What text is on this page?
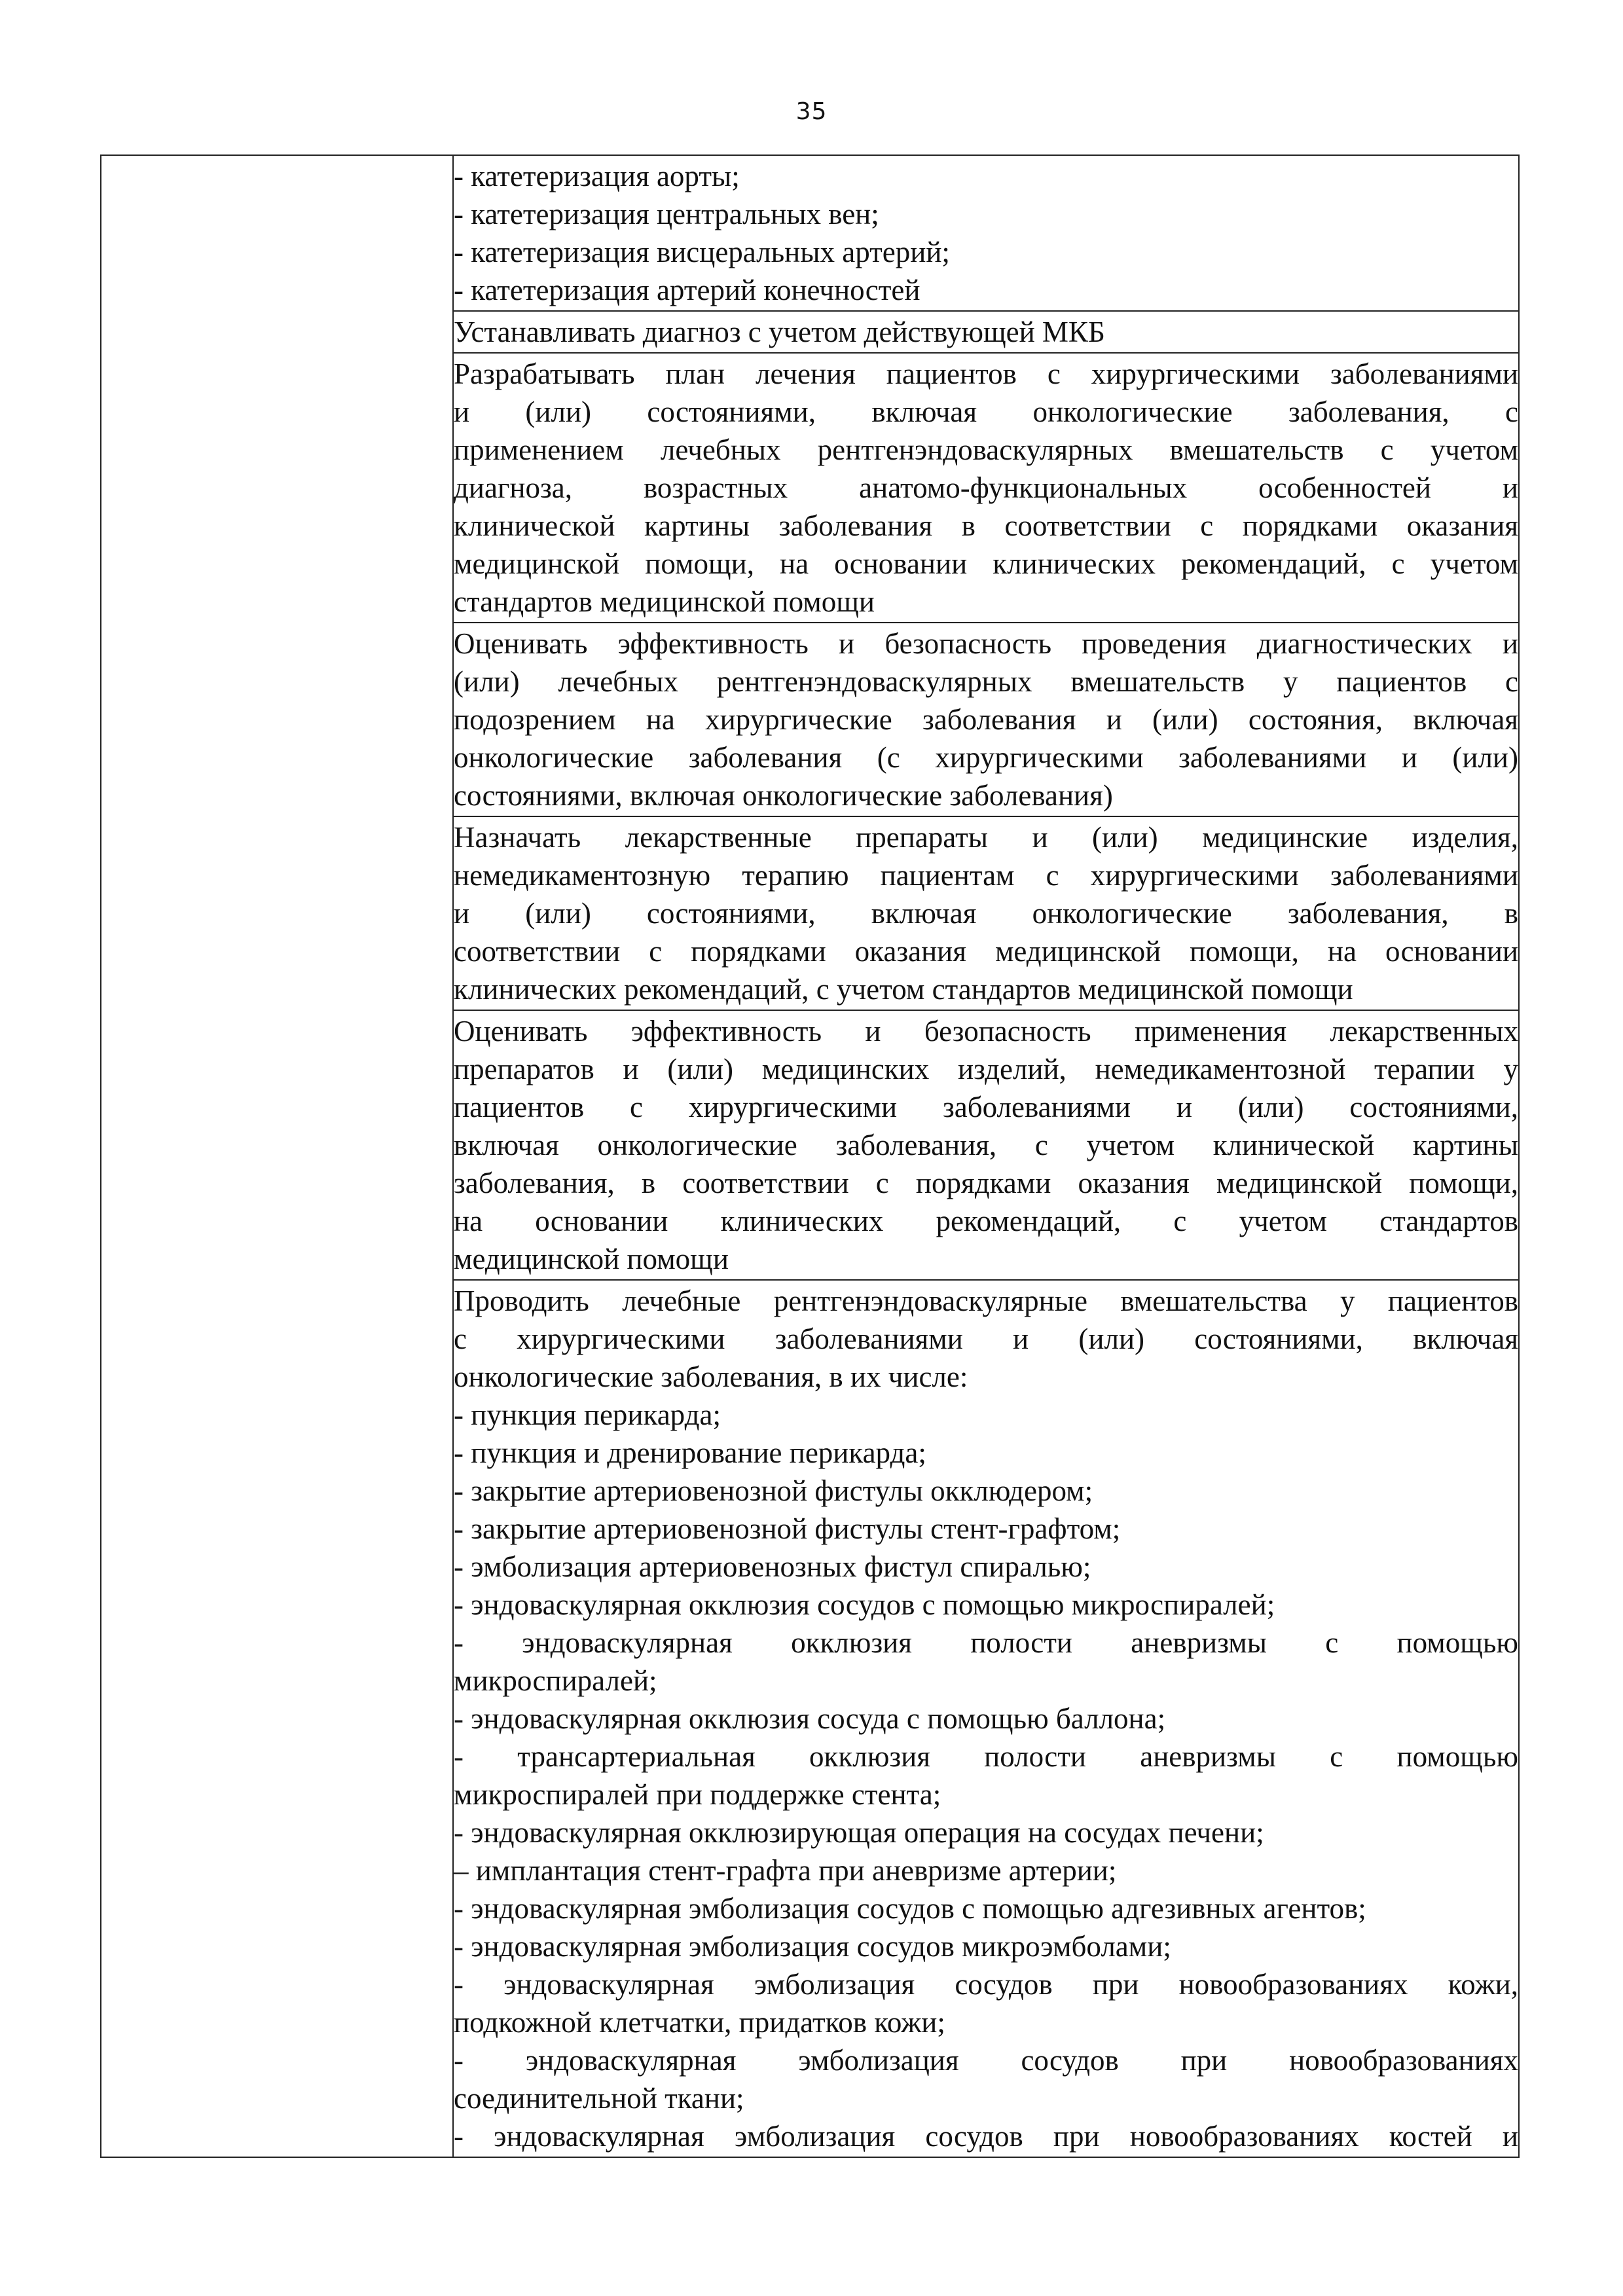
35

- катетеризация аорты;
- катетеризация центральных вен;
- катетеризация висцеральных артерий;
- катетеризация артерий конечностей
Устанавливать диагноз с учетом действующей МКБ
Разрабатывать план лечения пациентов с хирургическими заболеваниями
и (или) состояниями, включая онкологические заболевания, с
применением лечебных рентгенэндоваскулярных вмешательств с учетом
диагноза, возрастных анатомо-функциональных особенностей и
клинической картины заболевания в соответствии с порядками оказания
медицинской помощи, на основании клинических рекомендаций, с учетом
стандартов медицинской помощи
Оценивать эффективность и безопасность проведения диагностических и
(или) лечебных рентгенэндоваскулярных вмешательств у пациентов с
подозрением на хирургические заболевания и (или) состояния, включая
онкологические заболевания (с хирургическими заболеваниями и (или)
состояниями, включая онкологические заболевания)
Назначать лекарственные препараты и (или) медицинские изделия,
немедикаментозную терапию пациентам с хирургическими заболеваниями
и (или) состояниями, включая онкологические заболевания, в
соответствии с порядками оказания медицинской помощи, на основании
клинических рекомендаций, с учетом стандартов медицинской помощи
Оценивать эффективность и безопасность применения лекарственных
препаратов и (или) медицинских изделий, немедикаментозной терапии у
пациентов с хирургическими заболеваниями и (или) состояниями,
включая онкологические заболевания, с учетом клинической картины
заболевания, в соответствии с порядками оказания медицинской помощи,
на основании клинических рекомендаций, с учетом стандартов
медицинской помощи
Проводить лечебные рентгенэндоваскулярные вмешательства у пациентов
с хирургическими заболеваниями и (или) состояниями, включая
онкологические заболевания, в их числе:
- пункция перикарда;
- пункция и дренирование перикарда;
- закрытие артериовенозной фистулы окклюдером;
- закрытие артериовенозной фистулы стент-графтом;
- эмболизация артериовенозных фистул спиралью;
- эндоваскулярная окклюзия сосудов с помощью микроспиралей;
- эндоваскулярная окклюзия полости аневризмы с помощью
микроспиралей;
- эндоваскулярная окклюзия сосуда с помощью баллона;
- трансартериальная окклюзия полости аневризмы с помощью
микроспиралей при поддержке стента;
- эндоваскулярная окклюзирующая операция на сосудах печени;
– имплантация стент-графта при аневризме артерии;
- эндоваскулярная эмболизация сосудов с помощью адгезивных агентов;
- эндоваскулярная эмболизация сосудов микроэмболами;
- эндоваскулярная эмболизация сосудов при новообразованиях кожи,
подкожной клетчатки, придатков кожи;
- эндоваскулярная эмболизация сосудов при новообразованиях
соединительной ткани;
- эндоваскулярная эмболизация сосудов при новообразованиях костей и
